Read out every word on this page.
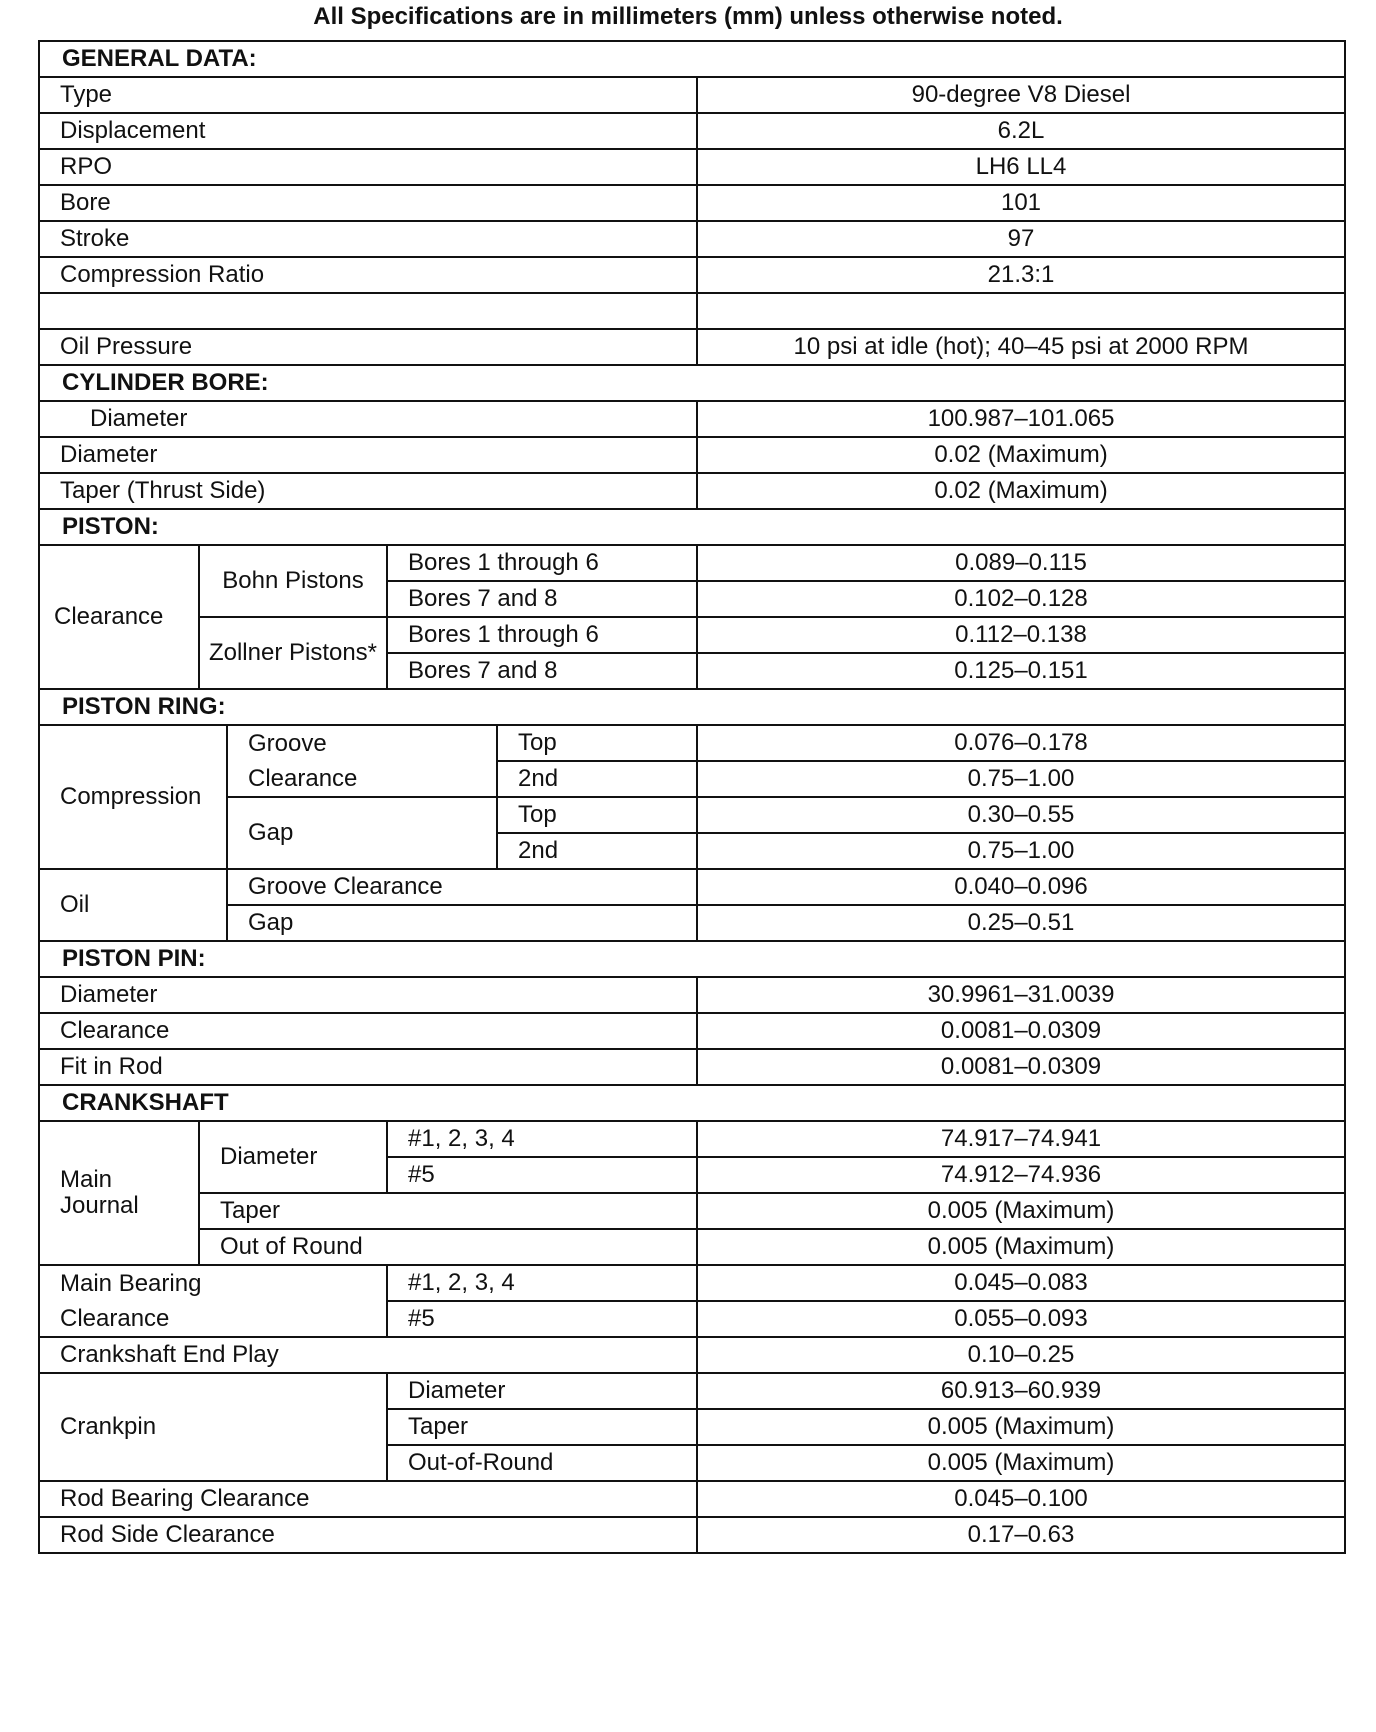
All Specifications are in millimeters (mm) unless otherwise noted.
GENERAL DATA:					
Type					90-degree V8 Diesel
Displacement					6.2L
RPO					LH6 LL4
Bore					101
Stroke					97
Compression Ratio					21.3:1

Oil Pressure					10 psi at idle (hot); 40–45 psi at 2000 RPM
CYLINDER BORE:					
Diameter					100.987–101.065
Diameter					0.02 (Maximum)
Taper (Thrust Side)					0.02 (Maximum)
PISTON:					
Clearance	Bohn Pistons		Bores 1 through 6		0.089–0.115
			Bores 7 and 8		0.102–0.128
	Zollner Pistons*		Bores 1 through 6		0.112–0.138
			Bores 7 and 8		0.125–0.151
PISTON RING:					
Compression		Groove		Top	0.076–0.178
		Clearance		2nd	0.75–1.00
		Gap		Top	0.30–0.55
				2nd	0.75–1.00
Oil		Groove Clearance			0.040–0.096
		Gap			0.25–0.51
PISTON PIN:					
Diameter					30.9961–31.0039
Clearance					0.0081–0.0309
Fit in Rod					0.0081–0.0309
CRANKSHAFT					
Main
Journal	Diameter		#1, 2, 3, 4		74.917–74.941
			#5		74.912–74.936
	Taper				0.005 (Maximum)
	Out of Round				0.005 (Maximum)
Main Bearing			#1, 2, 3, 4		0.045–0.083
Clearance			#5		0.055–0.093
Crankshaft End Play					0.10–0.25
Crankpin			Diameter		60.913–60.939
			Taper		0.005 (Maximum)
			Out-of-Round		0.005 (Maximum)
Rod Bearing Clearance					0.045–0.100
Rod Side Clearance					0.17–0.63
